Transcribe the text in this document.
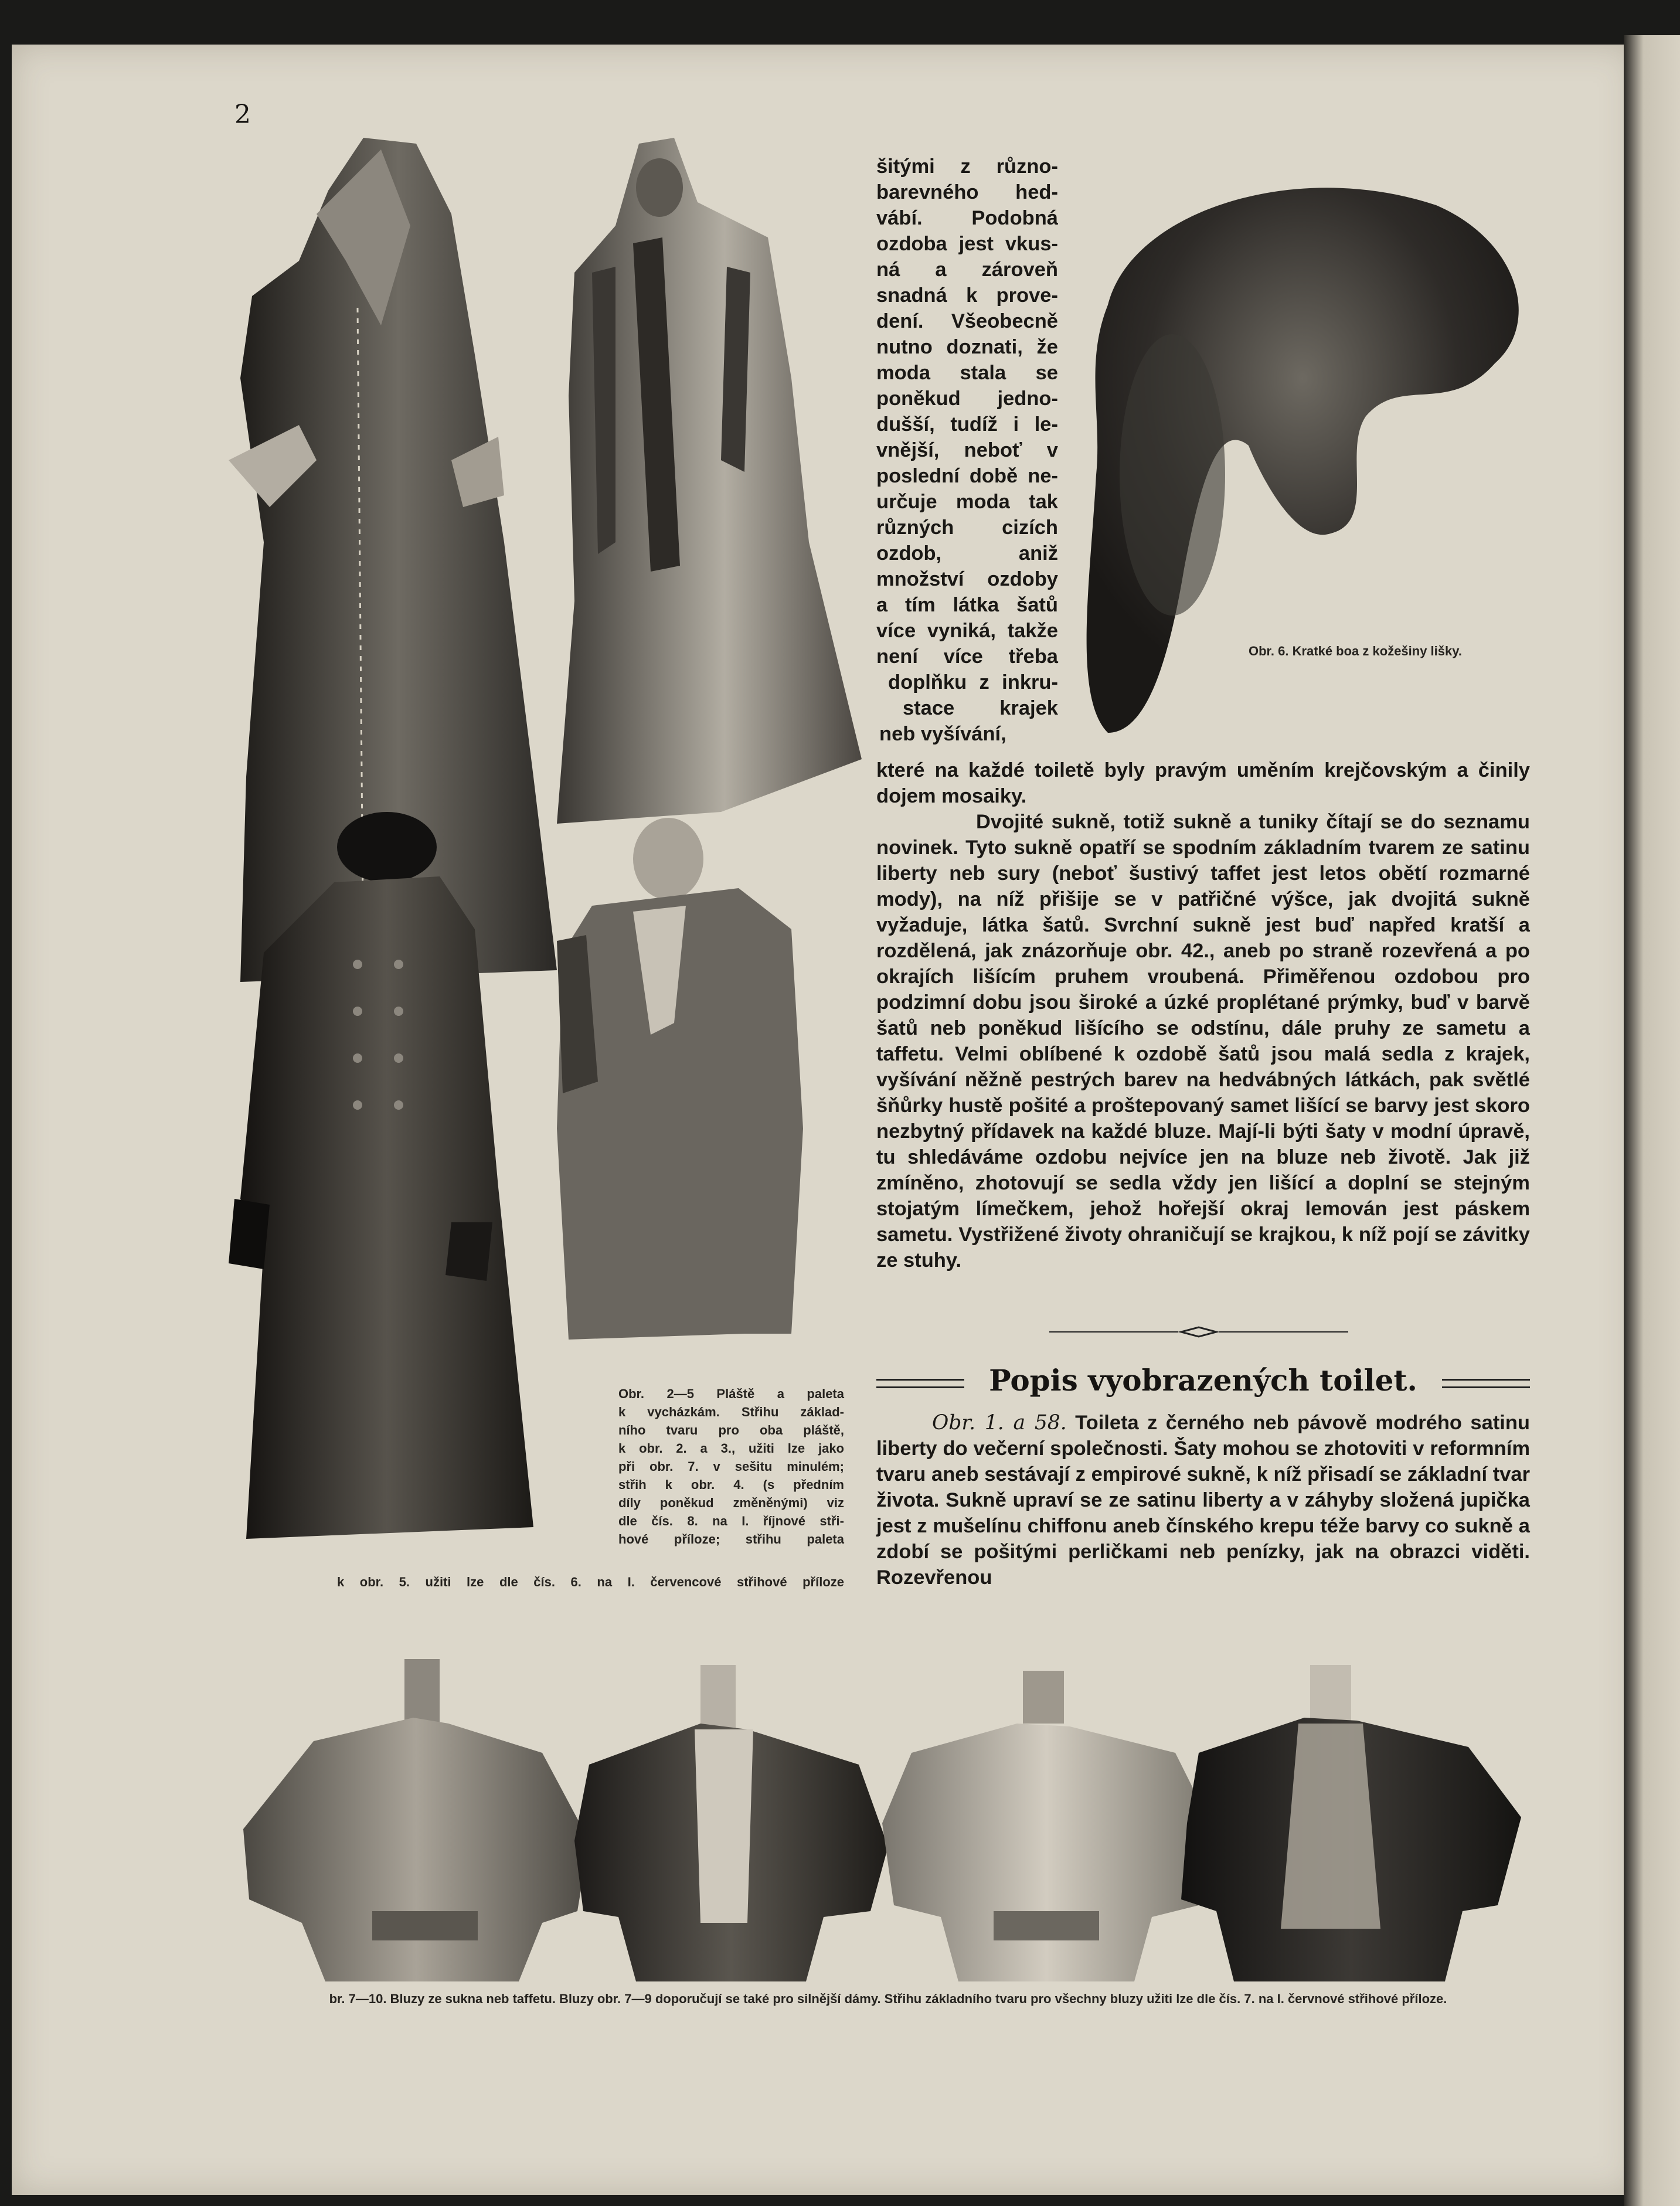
2
šitými z různo-
barevného hed-
vábí. Podobná
ozdoba jest vkus-
ná a zároveň
snadná k prove-
dení. Všeobecně
nutno doznati, že
moda stala se
poněkud jedno-
dušší, tudíž i le-
vnější, neboť v
poslední době ne-
určuje moda tak
různých cizích
ozdob, aniž
množství ozdoby
a tím látka šatů
více vyniká, takže
není více třeba
doplňku z inkru-
stace krajek
neb vyšívání,
Obr. 6. Kratké boa z kožešiny lišky.

které na každé toiletě byly pravým uměním krejčovským a činily dojem mosaiky.

Dvojité sukně, totiž sukně a tuniky čítají se do seznamu novinek. Tyto sukně opatří se spodním základním tvarem ze satinu liberty neb sury (neboť šustivý taffet jest letos obětí rozmarné mody), na níž přišije se v patřičné výšce, jak dvojitá sukně vyžaduje, látka šatů. Svrchní sukně jest buď napřed kratší a rozdělená, jak znázorňuje obr. 42., aneb po straně rozevřená a po okrajích lišícím pruhem vroubená. Přiměřenou ozdobou pro podzimní dobu jsou široké a úzké proplétané prýmky, buď v barvě šatů neb poněkud lišícího se odstínu, dále pruhy ze sametu a taffetu. Velmi oblíbené k ozdobě šatů jsou malá sedla z krajek, vyšívání něžně pestrých barev na hedvábných látkách, pak světlé šňůrky hustě pošité a proštepovaný samet lišící se barvy jest skoro nezbytný přídavek na každé bluze. Mají-li býti šaty v modní úpravě, tu shledáváme ozdobu nejvíce jen na bluze neb životě. Jak již zmíněno, zhotovují se sedla vždy jen lišící a doplní se stejným stojatým límečkem, jehož hořejší okraj lemován jest páskem sametu. Vystřižené životy ohraničují se krajkou, k níž pojí se závitky ze stuhy.

Popis vyobrazených toilet.
Obr. 1. a 58. Toileta z černého neb pávově modrého satinu liberty do večerní společnosti. Šaty mohou se zhotoviti v reformním tvaru aneb sestávají z empirové sukně, k níž přisadí se základní tvar života. Sukně upraví se ze satinu liberty a v záhyby složená jupička jest z mušelínu chiffonu aneb čínského krepu téže barvy co sukně a zdobí se pošitými perličkami neb penízky, jak na obrazci viděti. Rozevřenou
Obr. 2—5 Pláště a paleta
k vycházkám. Střihu základ-
ního tvaru pro oba pláště,
k obr. 2. a 3., užiti lze jako
při obr. 7. v sešitu minulém;
střih k obr. 4. (s předním
díly poněkud změněnými) viz
dle čís. 8. na I. říjnové stři-
hové příloze; střihu paleta
k obr. 5. užiti lze dle čís. 6. na I. červencové střihové příloze
br. 7—10. Bluzy ze sukna neb taffetu. Bluzy obr. 7—9 doporučují se také pro silnější dámy. Střihu základního tvaru pro všechny bluzy užiti lze dle čís. 7. na I. červnové střihové příloze.
